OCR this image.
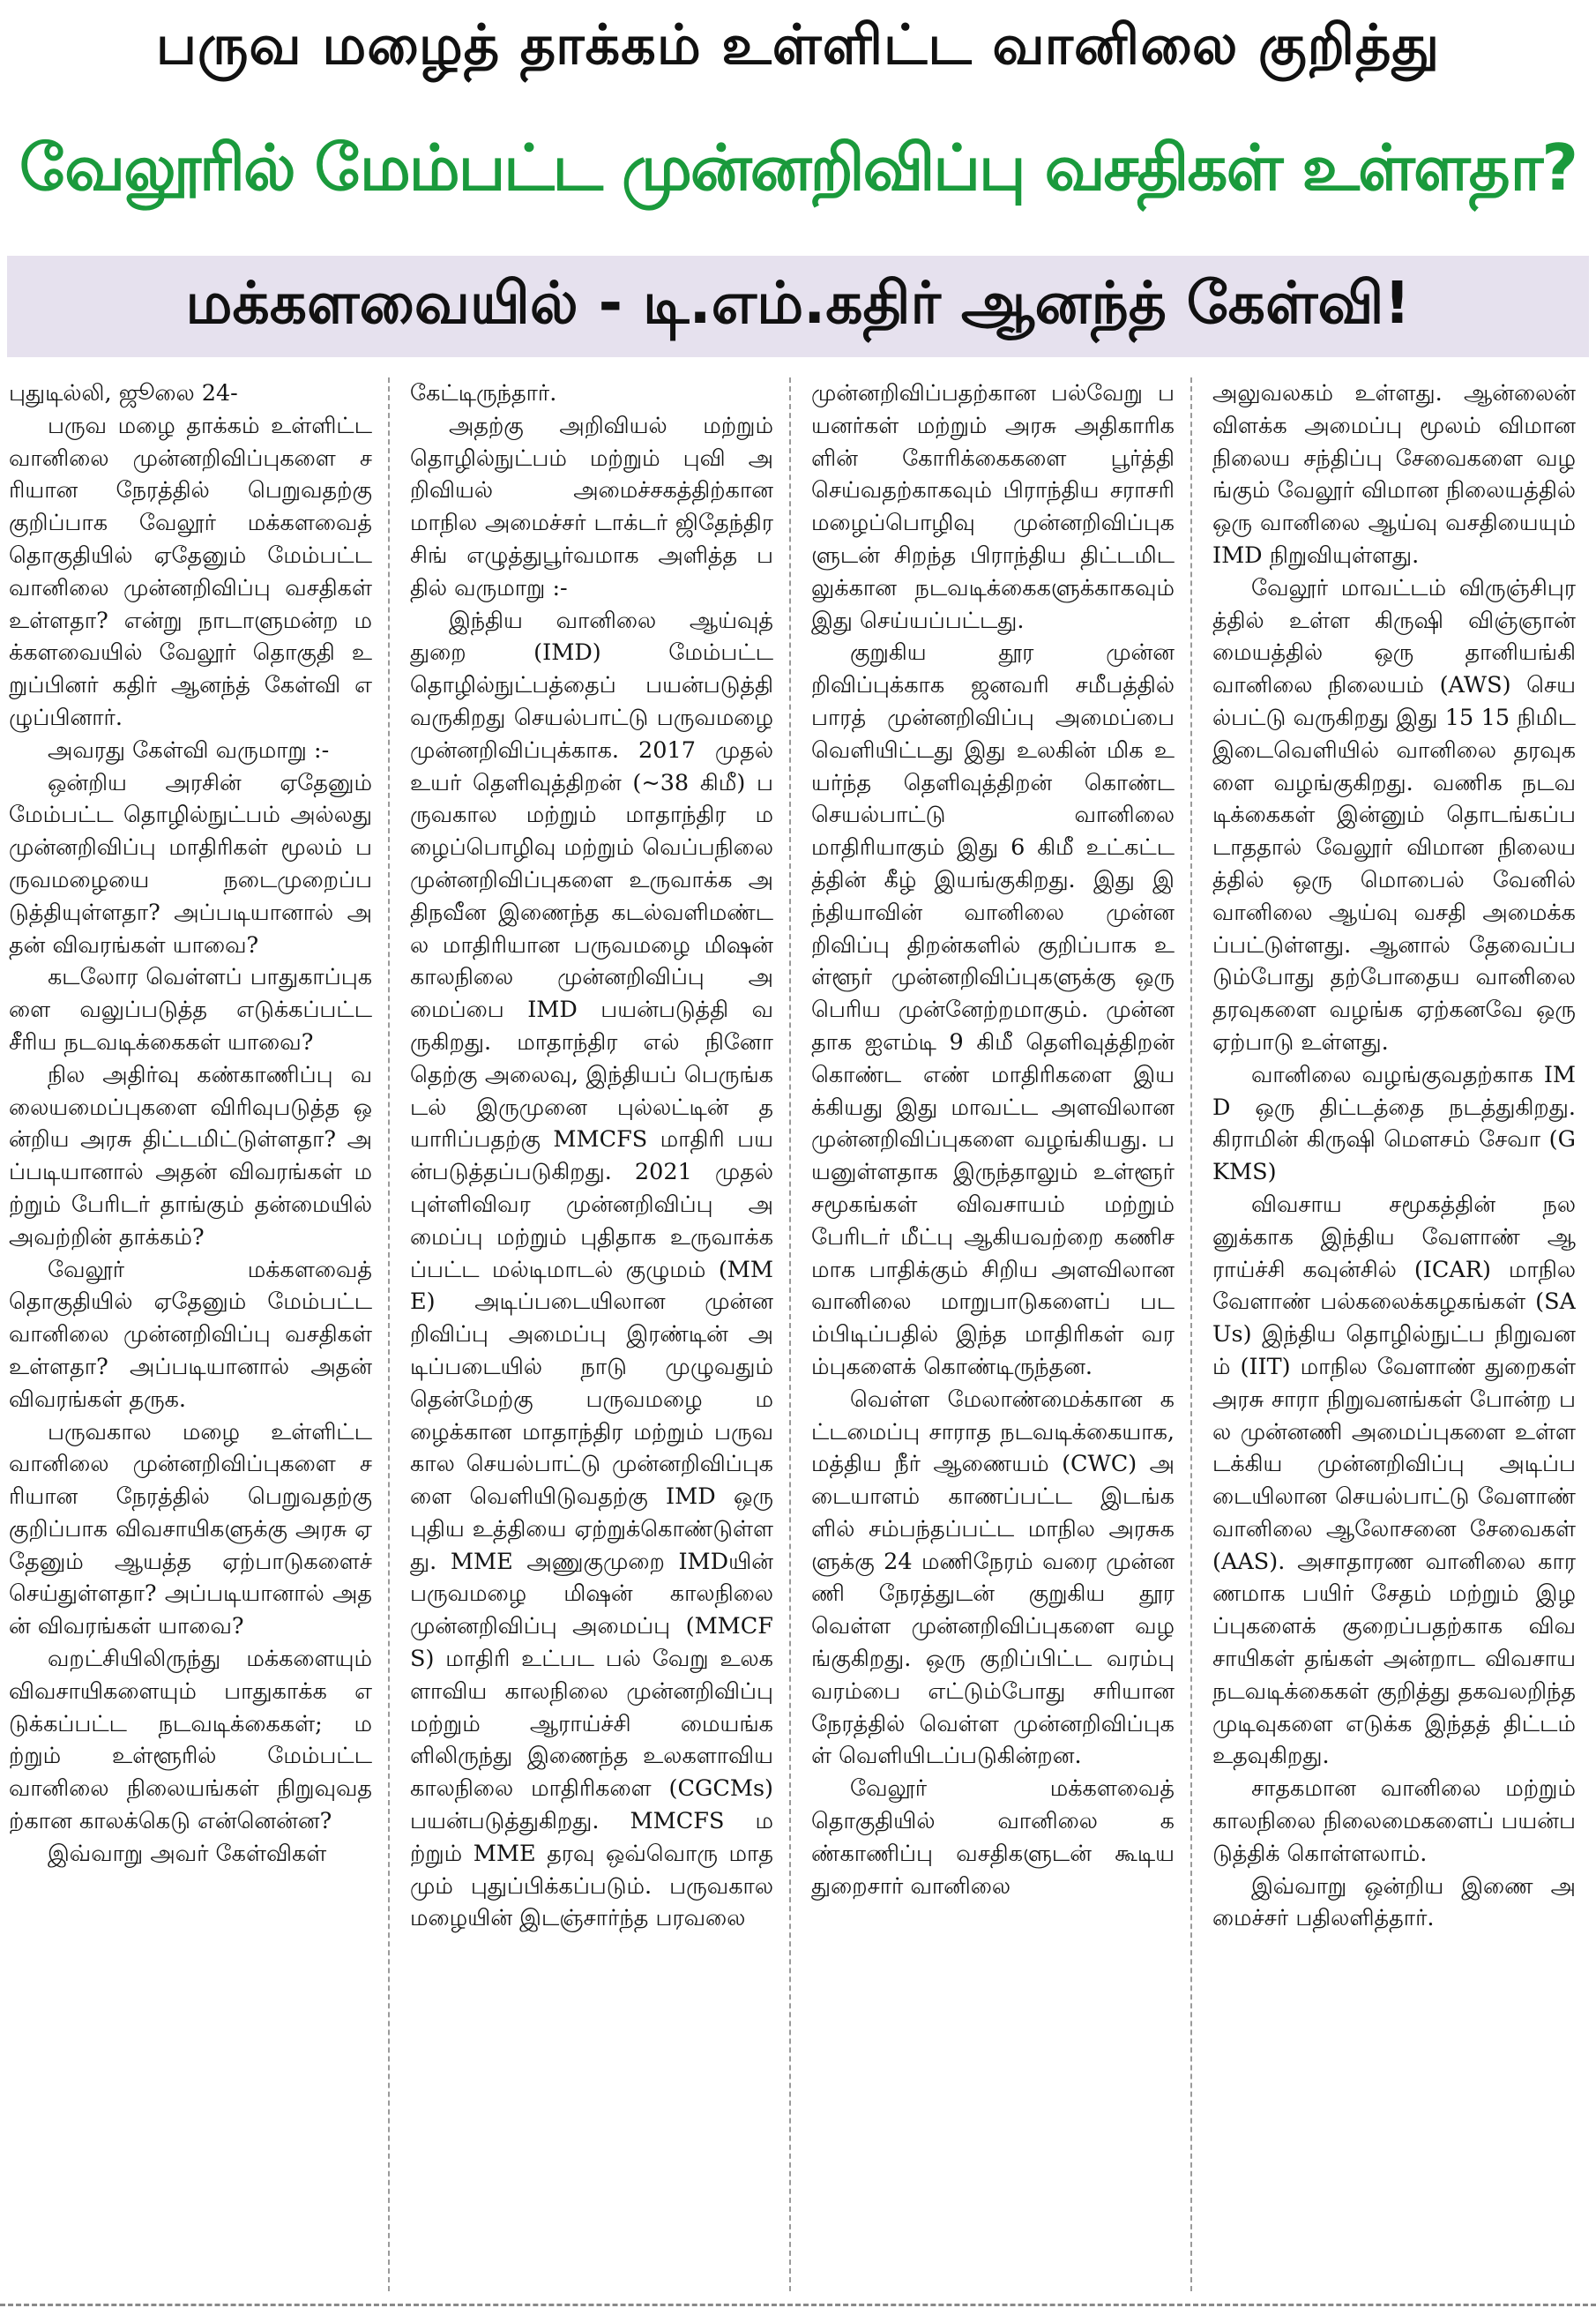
பருவ மழைத் தாக்கம் உள்ளிட்ட வானிலை குறித்து
வேலூரில் மேம்பட்ட முன்னறிவிப்பு வசதிகள் உள்ளதா?
மக்களவையில் - டி.எம்.கதிர் ஆனந்த் கேள்வி!

புதுடில்லி, ஜூலை 24-

பருவ மழை தாக்கம் உள்ளிட்ட வானிலை முன்னறிவிப்புகளை சரியான நேரத்தில் பெறுவதற்கு குறிப்பாக வேலூர் மக்களவைத் தொகுதியில் ஏதேனும் மேம்பட்ட வானிலை முன்னறிவிப்பு வசதிகள் உள்ளதா? என்று நாடாளுமன்ற மக்களவையில் வேலூர் தொகுதி உறுப்பினர் கதிர் ஆனந்த் கேள்வி எழுப்பினார்.

அவரது கேள்வி வருமாறு :-

ஒன்றிய அரசின் ஏதேனும் மேம்பட்ட தொழில்நுட்பம் அல்லது முன்னறிவிப்பு மாதிரிகள் மூலம் பருவமழையை நடைமுறைப்படுத்தியுள்ளதா? அப்படியானால் அதன் விவரங்கள் யாவை?

கடலோர வெள்ளப் பாதுகாப்புகளை வலுப்படுத்த எடுக்கப்பட்ட சீரிய நடவடிக்கைகள் யாவை?

நில அதிர்வு கண்காணிப்பு வலையமைப்புகளை விரிவுபடுத்த ஒன்றிய அரசு திட்டமிட்டுள்ளதா? அப்படியானால் அதன் விவரங்கள் மற்றும் பேரிடர் தாங்கும் தன்மையில் அவற்றின் தாக்கம்?

வேலூர் மக்களவைத் தொகுதியில் ஏதேனும் மேம்பட்ட வானிலை முன்னறிவிப்பு வசதிகள் உள்ளதா? அப்படியானால் அதன் விவரங்கள் தருக.

பருவகால மழை உள்ளிட்ட வானிலை முன்னறிவிப்புகளை சரியான நேரத்தில் பெறுவதற்கு குறிப்பாக விவசாயிகளுக்கு அரசு ஏதேனும் ஆயத்த ஏற்பாடுகளைச் செய்துள்ளதா? அப்படியானால் அதன் விவரங்கள் யாவை?

வறட்சியிலிருந்து மக்களையும் விவசாயிகளையும் பாதுகாக்க எடுக்கப்பட்ட நடவடிக்கைகள்; மற்றும் உள்ளூரில் மேம்பட்ட வானிலை நிலையங்கள் நிறுவுவதற்கான காலக்கெடு என்னென்ன?

இவ்வாறு அவர் கேள்விகள்

கேட்டிருந்தார்.

அதற்கு அறிவியல் மற்றும் தொழில்நுட்பம் மற்றும் புவி அறிவியல் அமைச்சகத்திற்கான மாநில அமைச்சர் டாக்டர் ஜிதேந்திர சிங் எழுத்துபூர்வமாக அளித்த பதில் வருமாறு :-

இந்திய வானிலை ஆய்வுத் துறை (IMD) மேம்பட்ட தொழில்நுட்பத்தைப் பயன்படுத்தி வருகிறது செயல்பாட்டு பருவமழை முன்னறிவிப்புக்காக. 2017 முதல் உயர் தெளிவுத்திறன் (~38 கிமீ) பருவகால மற்றும் மாதாந்திர மழைப்பொழிவு மற்றும் வெப்பநிலை முன்னறிவிப்புகளை உருவாக்க அதிநவீன இணைந்த கடல்வளிமண்டல மாதிரியான பருவமழை மிஷன் காலநிலை முன்னறிவிப்பு அமைப்பை IMD பயன்படுத்தி வருகிறது. மாதாந்திர எல் நினோ தெற்கு அலைவு, இந்தியப் பெருங்கடல் இருமுனை புல்லட்டின் தயாரிப்பதற்கு MMCFS மாதிரி பயன்படுத்தப்படுகிறது. 2021 முதல் புள்ளிவிவர முன்னறிவிப்பு அமைப்பு மற்றும் புதிதாக உருவாக்கப்பட்ட மல்டிமாடல் குழுமம் (MME) அடிப்படையிலான முன்னறிவிப்பு அமைப்பு இரண்டின் அடிப்படையில் நாடு முழுவதும் தென்மேற்கு பருவமழை மழைக்கான மாதாந்திர மற்றும் பருவகால செயல்பாட்டு முன்னறிவிப்புகளை வெளியிடுவதற்கு IMD ஒரு புதிய உத்தியை ஏற்றுக்கொண்டுள்ளது. MME அணுகுமுறை IMDயின் பருவமழை மிஷன் காலநிலை முன்னறிவிப்பு அமைப்பு (MMCFS) மாதிரி உட்பட பல் வேறு உலகளாவிய காலநிலை முன்னறிவிப்பு மற்றும் ஆராய்ச்சி மையங்களிலிருந்து இணைந்த உலகளாவிய காலநிலை மாதிரிகளை (CGCMs) பயன்படுத்துகிறது. MMCFS மற்றும் MME தரவு ஒவ்வொரு மாதமும் புதுப்பிக்கப்படும். பருவகால மழையின் இடஞ்சார்ந்த பரவலை

முன்னறிவிப்பதற்கான பல்வேறு பயனர்கள் மற்றும் அரசு அதிகாரிகளின் கோரிக்கைகளை பூர்த்தி செய்வதற்காகவும் பிராந்திய சராசரி மழைப்பொழிவு முன்னறிவிப்புகளுடன் சிறந்த பிராந்திய திட்டமிடலுக்கான நடவடிக்கைகளுக்காகவும் இது செய்யப்பட்டது.

குறுகிய தூர முன்னறிவிப்புக்காக ஜனவரி சமீபத்தில் பாரத் முன்னறிவிப்பு அமைப்பை வெளியிட்டது இது உலகின் மிக உயர்ந்த தெளிவுத்திறன் கொண்ட செயல்பாட்டு வானிலை மாதிரியாகும் இது 6 கிமீ உட்கட்டத்தின் கீழ் இயங்குகிறது. இது இந்தியாவின் வானிலை முன்னறிவிப்பு திறன்களில் குறிப்பாக உள்ளூர் முன்னறிவிப்புகளுக்கு ஒரு பெரிய முன்னேற்றமாகும். முன்னதாக ஐஎம்டி 9 கிமீ தெளிவுத்திறன் கொண்ட எண் மாதிரிகளை இயக்கியது இது மாவட்ட அளவிலான முன்னறிவிப்புகளை வழங்கியது. பயனுள்ளதாக இருந்தாலும் உள்ளூர் சமூகங்கள் விவசாயம் மற்றும் பேரிடர் மீட்பு ஆகியவற்றை கணிசமாக பாதிக்கும் சிறிய அளவிலான வானிலை மாறுபாடுகளைப் படம்பிடிப்பதில் இந்த மாதிரிகள் வரம்புகளைக் கொண்டிருந்தன.

வெள்ள மேலாண்மைக்கான கட்டமைப்பு சாராத நடவடிக்கையாக, மத்திய நீர் ஆணையம் (CWC) அடையாளம் காணப்பட்ட இடங்களில் சம்பந்தப்பட்ட மாநில அரசுகளுக்கு 24 மணிநேரம் வரை முன்னணி நேரத்துடன் குறுகிய தூர வெள்ள முன்னறிவிப்புகளை வழங்குகிறது. ஒரு குறிப்பிட்ட வரம்பு வரம்பை எட்டும்போது சரியான நேரத்தில் வெள்ள முன்னறிவிப்புகள் வெளியிடப்படுகின்றன.

வேலூர் மக்களவைத் தொகுதியில் வானிலை கண்காணிப்பு வசதிகளுடன் கூடிய துறைசார் வானிலை

அலுவலகம் உள்ளது. ஆன்லைன் விளக்க அமைப்பு மூலம் விமான நிலைய சந்திப்பு சேவைகளை வழங்கும் வேலூர் விமான நிலையத்தில் ஒரு வானிலை ஆய்வு வசதியையும் IMD நிறுவியுள்ளது.

வேலூர் மாவட்டம் விருஞ்சிபுரத்தில் உள்ள கிருஷி விஞ்ஞான் மையத்தில் ஒரு தானியங்கி வானிலை நிலையம் (AWS) செயல்பட்டு வருகிறது இது 15 15 நிமிட இடைவெளியில் வானிலை தரவுகளை வழங்குகிறது. வணிக நடவடிக்கைகள் இன்னும் தொடங்கப்படாததால் வேலூர் விமான நிலையத்தில் ஒரு மொபைல் வேனில் வானிலை ஆய்வு வசதி அமைக்கப்பட்டுள்ளது. ஆனால் தேவைப்படும்போது தற்போதைய வானிலை தரவுகளை வழங்க ஏற்கனவே ஒரு ஏற்பாடு உள்ளது.

வானிலை வழங்குவதற்காக IMD ஒரு திட்டத்தை நடத்துகிறது. கிராமின் கிருஷி மௌசம் சேவா (GKMS)

விவசாய சமூகத்தின் நலனுக்காக இந்திய வேளாண் ஆராய்ச்சி கவுன்சில் (ICAR) மாநில வேளாண் பல்கலைக்கழகங்கள் (SAUs) இந்திய தொழில்நுட்ப நிறுவனம் (IIT) மாநில வேளாண் துறைகள் அரசு சாரா நிறுவனங்கள் போன்ற பல முன்னணி அமைப்புகளை உள்ளடக்கிய முன்னறிவிப்பு அடிப்படையிலான செயல்பாட்டு வேளாண் வானிலை ஆலோசனை சேவைகள் (AAS). அசாதாரண வானிலை காரணமாக பயிர் சேதம் மற்றும் இழப்புகளைக் குறைப்பதற்காக விவசாயிகள் தங்கள் அன்றாட விவசாய நடவடிக்கைகள் குறித்து தகவலறிந்த முடிவுகளை எடுக்க இந்தத் திட்டம் உதவுகிறது.

சாதகமான வானிலை மற்றும் காலநிலை நிலைமைகளைப் பயன்படுத்திக் கொள்ளலாம்.

இவ்வாறு ஒன்றிய இணை அமைச்சர் பதிலளித்தார்.
